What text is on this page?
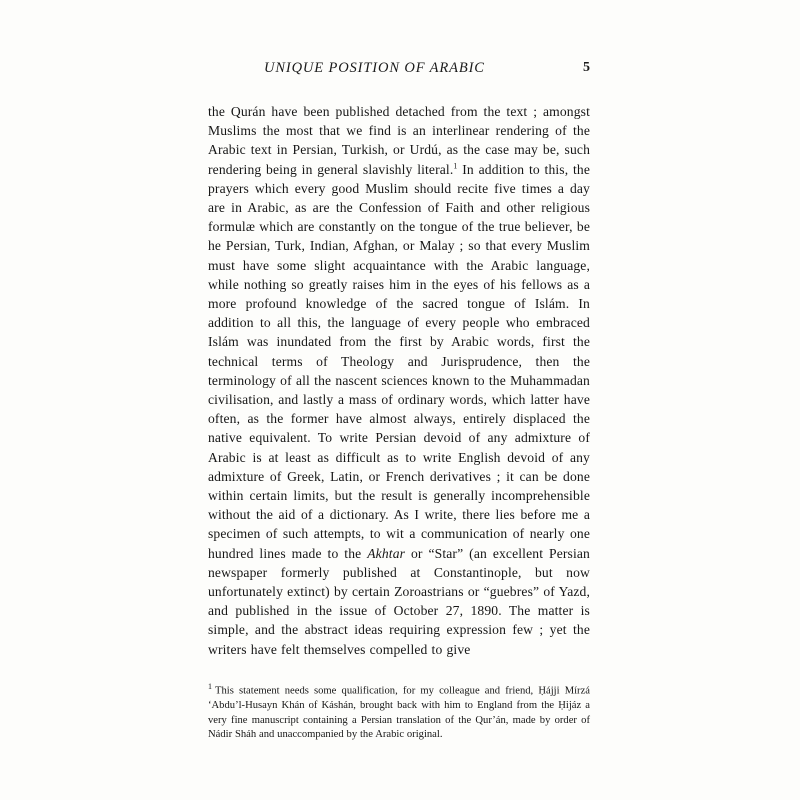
UNIQUE POSITION OF ARABIC	5

the Qurán have been published detached from the text ; amongst Muslims the most that we find is an interlinear rendering of the Arabic text in Persian, Turkish, or Urdú, as the case may be, such rendering being in general slavishly literal.$^1$ In addition to this, the prayers which every good Muslim should recite five times a day are in Arabic, as are the Confession of Faith and other religious formulæ which are constantly on the tongue of the true believer, be he Persian, Turk, Indian, Afghan, or Malay ; so that every Muslim must have some slight acquaintance with the Arabic language, while nothing so greatly raises him in the eyes of his fellows as a more profound knowledge of the sacred tongue of Islám. In addition to all this, the language of every people who embraced Islám was inundated from the first by Arabic words, first the technical terms of Theology and Jurisprudence, then the terminology of all the nascent sciences known to the Muhammadan civilisation, and lastly a mass of ordinary words, which latter have often, as the former have almost always, entirely displaced the native equivalent. To write Persian devoid of any admixture of Arabic is at least as difficult as to write English devoid of any admixture of Greek, Latin, or French derivatives ; it can be done within certain limits, but the result is generally incomprehensible without the aid of a dictionary. As I write, there lies before me a specimen of such attempts, to wit a communication of nearly one hundred lines made to the Akhtar or “Star” (an excellent Persian newspaper formerly published at Constantinople, but now unfortunately extinct) by certain Zoroastrians or “guebres” of Yazd, and published in the issue of October 27, 1890. The matter is simple, and the abstract ideas requiring expression few ; yet the writers have felt themselves compelled to give

$^1$ This statement needs some qualification, for my colleague and friend, Ḥájji Mírzá ʻAbdu’l-Husayn Khán of Káshán, brought back with him to England from the Ḥijáz a very fine manuscript containing a Persian translation of the Qur’án, made by order of Nádir Sháh and unaccompanied by the Arabic original.
